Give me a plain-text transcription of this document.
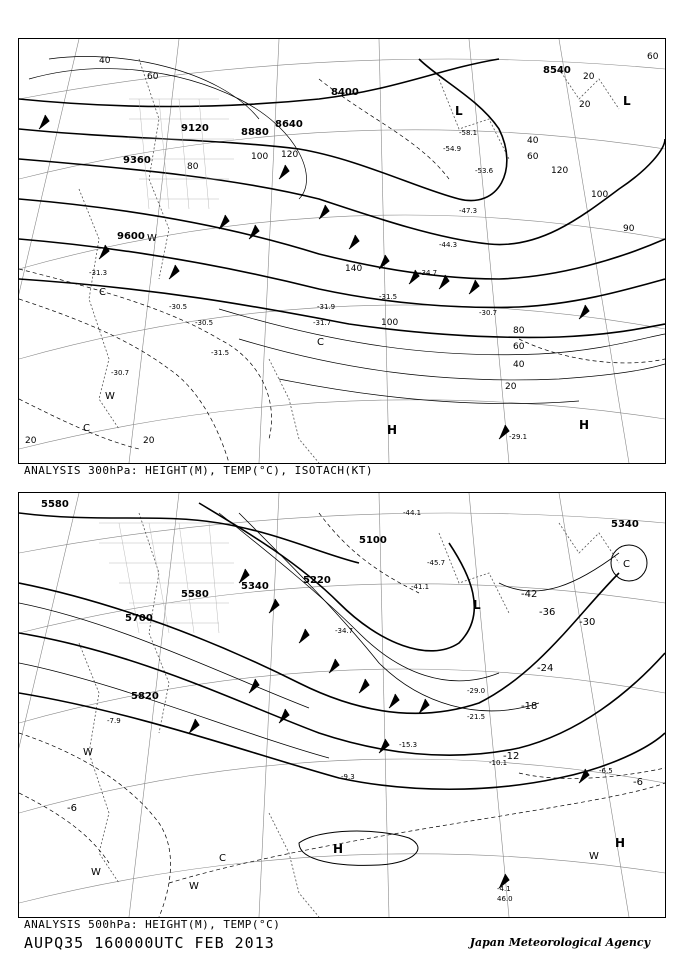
8400
8640
8880
9120
9360
9600
8540
40
60
80
100 120
140
100
80
60
40
20
20
20
20
40
60
120
100
90
20
60
-31.3
-30.5
-31.5
-30.7
-29.1
-54.9
-53.6
-58.1
-47.3
-44.3
-34.7
-31.5
-30.7
-30.5	-31.9
-31.7
H	H
L
L
C
C
C
W
W
ANALYSIS 300hPa: HEIGHT(M), TEMP(°C), ISOTACH(KT)
5580
5100
5340
5580
5700
5820
5220
5340
-42
-36
-30
-24
-18
-12
-6
-6
-44.1
-45.7
-41.1
-34.7
-29.0
-21.5
-15.3
-10.1
-7.9
-9.3
-6.5
-4.1
46.0
H	H
L
C
C
W
W
W
W
ANALYSIS 500hPa: HEIGHT(M), TEMP(°C)
AUPQ35 160000UTC FEB 2013	Japan Meteorological Agency
